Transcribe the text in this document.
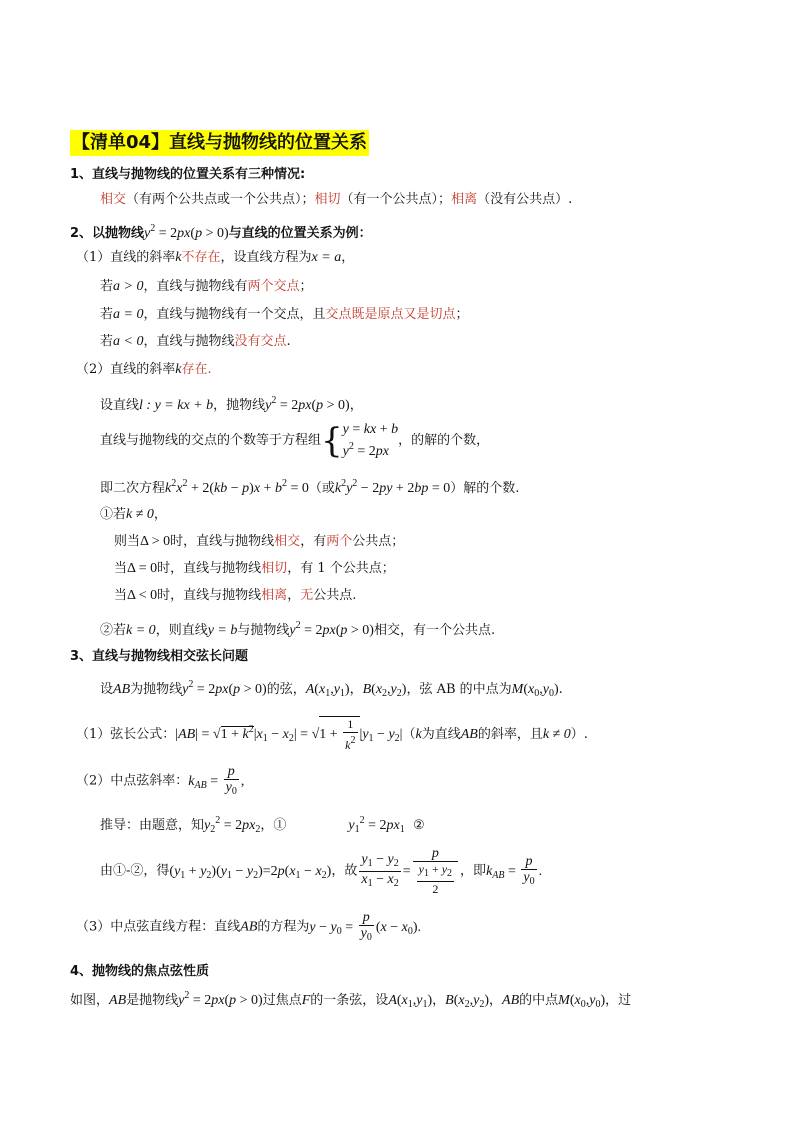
【清单04】直线与抛物线的位置关系
1、直线与抛物线的位置关系有三种情况:
相交（有两个公共点或一个公共点）；相切（有一个公共点）；相离（没有公共点）.
2、以抛物线$y^2 = 2px(p > 0)$与直线的位置关系为例：
（1）直线的斜率k不存在，设直线方程为x = a，
若a > 0，直线与抛物线有两个交点；
若a = 0，直线与抛物线有一个交点，且交点既是原点又是切点；
若a < 0，直线与抛物线没有交点.
（2）直线的斜率k存在.
设直线l : y = kx + b，抛物线$y^2 = 2px(p > 0)$，
直线与抛物线的交点的个数等于方程组{y = kx + b
$y^2 = 2px$，的解的个数，
即二次方程$k^2x^2 + 2(kb - p)x + b^2 = 0$（或$k^2y^2 - 2py + 2bp = 0$）解的个数.
①若k ≠ 0，
则当Δ > 0时，直线与抛物线相交，有两个公共点；
当Δ = 0时，直线与抛物线相切，有 1 个公共点；
当Δ < 0时，直线与抛物线相离，无公共点.
②若k = 0，则直线y = b与抛物线$y^2 = 2px(p > 0)$相交，有一个公共点.
3、直线与抛物线相交弦长问题
设AB为抛物线$y^2 = 2px(p > 0)$的弦，$A(x_1,y_1)$，$B(x_2,y_2)$，弦 AB 的中点为$M(x_0,y_0)$.
（1）弦长公式：$|AB| = √1 + k^2|x_1 - x_2| = √1 + \frac{1}{k^2} |y_1 - y_2|(k$为直线AB的斜率，且k ≠ 0）.
（2）中点弦斜率：$k_{AB} = \frac{p}{y_0}$ ,
推导：由题意，知$y_2^2 = 2px_2$，①	$y_1^2 = 2px_1$ ②
由①-②，得$(y_1 + y_2)(y_1 - y_2)=2p(x_1 - x_2)$，故 $\frac{y_1 - y_2}{x_1 - x_2} = \frac{p}{\frac{y_1 + y_2}{2}}$ ，即$k_{AB} = \frac{p}{y_0}$ .
（3）中点弦直线方程：直线AB的方程为$y - y_0 = \frac{p}{y_0} (x - x_0)$.
4、抛物线的焦点弦性质
如图，AB是抛物线$y^2 = 2px(p > 0)$过焦点F的一条弦，设$A(x_1,y_1)$，$B(x_2,y_2)$，AB的中点$M(x_0,y_0)$，过
